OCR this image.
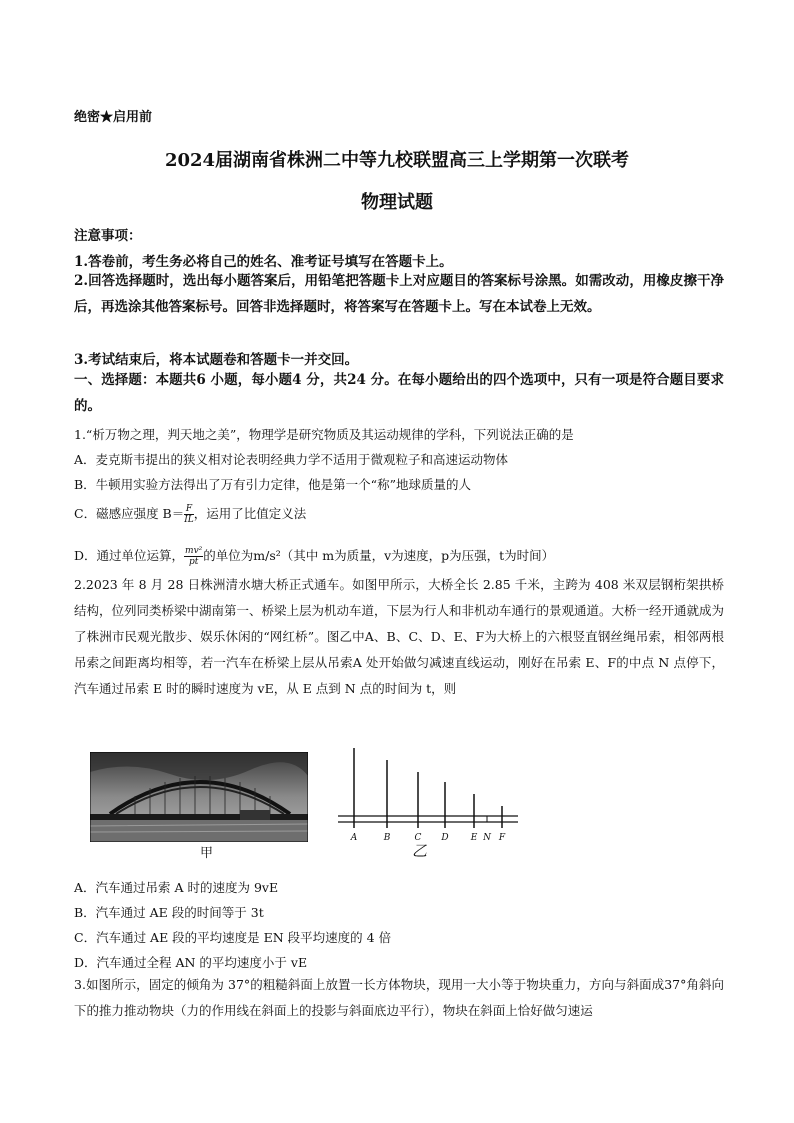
绝密★启用前
2024届湖南省株洲二中等九校联盟高三上学期第一次联考
物理试题
注意事项：
1.答卷前，考生务必将自己的姓名、准考证号填写在答题卡上。
2.回答选择题时，选出每小题答案后，用铅笔把答题卡上对应题目的答案标号涂黑。如需改动，用橡皮擦干净后，再选涂其他答案标号。回答非选择题时，将答案写在答题卡上。写在本试卷上无效。
3.考试结束后，将本试题卷和答题卡一并交回。
一、选择题：本题共6 小题，每小题4 分，共24 分。在每小题给出的四个选项中，只有一项是符合题目要求的。
1.“析万物之理，判天地之美”，物理学是研究物质及其运动规律的学科，下列说法正确的是
A．麦克斯韦提出的狭义相对论表明经典力学不适用于微观粒子和高速运动物体
B．牛顿用实验方法得出了万有引力定律，他是第一个“称”地球质量的人
C．磁感应强度 $B= \frac{F}{IL}$ ，运用了比值定义法
D．通过单位运算， $\frac{\text{mv²}}{pt}$ 的单位为m/s²（其中 m为质量，v为速度，p为压强，t为时间）
2.2023 年 8 月 28 日株洲清水塘大桥正式通车。如图甲所示，大桥全长 2.85 千米，主跨为 408 米双层钢桁架拱桥结构，位列同类桥梁中湖南第一、桥梁上层为机动车道，下层为行人和非机动车通行的景观通道。大桥一经开通就成为了株洲市民观光散步、娱乐休闲的“网红桥”。图乙中A、B、C、D、E、F为大桥上的六根竖直钢丝绳吊索，相邻两根吊索之间距离均相等，若一汽车在桥梁上层从吊索A 处开始做匀减速直线运动，刚好在吊索 E、F的中点 N 点停下，汽车通过吊索 E 时的瞬时速度为 vE，从 E 点到 N 点的时间为 t，则
甲
A	B	C D E N F
乙
A．汽车通过吊索 A 时的速度为 9vE
B．汽车通过 AE 段的时间等于 3t
C．汽车通过 AE 段的平均速度是 EN 段平均速度的 4 倍
D．汽车通过全程 AN 的平均速度小于 vE
3.如图所示，固定的倾角为 37°的粗糙斜面上放置一长方体物块，现用一大小等于物块重力，方向与斜面成37°角斜向下的推力推动物块（力的作用线在斜面上的投影与斜面底边平行），物块在斜面上恰好做匀速运
